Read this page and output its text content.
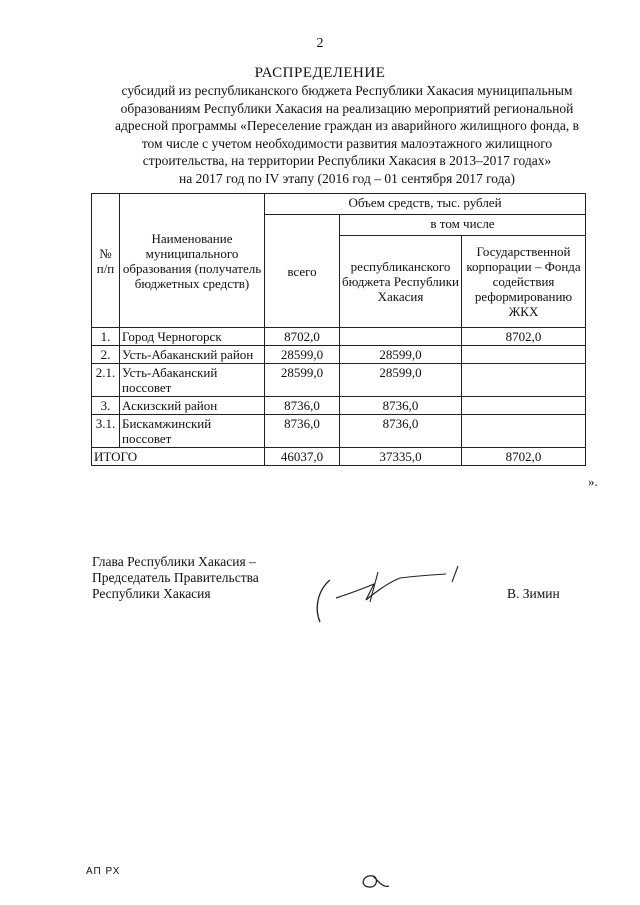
2
РАСПРЕДЕЛЕНИЕ
субсидий из республиканского бюджета Республики Хакасия муниципальным
образованиям Республики Хакасия на реализацию мероприятий региональной
адресной программы «Переселение граждан из аварийного жилищного фонда, в
том числе с учетом необходимости развития малоэтажного жилищного
строительства, на территории Республики Хакасия в 2013–2017 годах»
на 2017 год по IV этапу (2016 год – 01 сентября 2017 года)
№ п/п	Наименование муниципального образования (получатель бюджетных средств)	Объем средств, тыс. рублей		
		всего	в том числе	
			республиканского бюджета Республики Хакасия	Государственной корпорации – Фонда содействия реформированию ЖКХ
1.	Город Черногорск	8702,0		8702,0
2.	Усть-Абаканский район	28599,0	28599,0	
2.1.	Усть-Абаканский поссовет	28599,0	28599,0	
3.	Аскизский район	8736,0	8736,0	
3.1.	Бискамжинский поссовет	8736,0	8736,0	
ИТОГО		46037,0	37335,0	8702,0
».
Глава Республики Хакасия –
Председатель Правительства
Республики Хакасия	В. Зимин
АП РХ
